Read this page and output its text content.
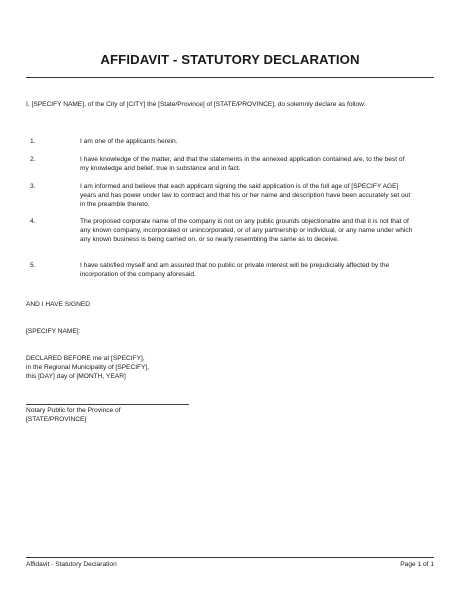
AFFIDAVIT - STATUTORY DECLARATION
I, [SPECIFY NAME], of the City of [CITY] the [State/Province] of [STATE/PROVINCE], do solemnly declare as follow:
1.	I am one of the applicants herein.
2.	I have knowledge of the matter, and that the statements in the annexed application contained are, to the best of my knowledge and belief, true in substance and in fact.
3.	I am informed and believe that each applicant signing the said application is of the full age of [SPECIFY AGE] years and has power under law to contract and that his or her name and description have been accurately set out in the preamble thereto.
4.	The proposed corporate name of the company is not on any public grounds objectionable and that it is not that of any known company, incorporated or unincorporated, or of any partnership or individual, or any name under which any known business is being carried on, or so nearly resembling the same as to deceive.
5.	I have satisfied myself and am assured that no public or private interest will be prejudicially affected by the incorporation of the company aforesaid.
AND I HAVE SIGNED
[SPECIFY NAME]:
DECLARED BEFORE me at [SPECIFY],
in the Regional Municipality of [SPECIFY],
this [DAY] day of [MONTH, YEAR]
Notary Public for the Province of
[STATE/PROVINCE]
Affidavit - Statutory Declaration	Page 1 of 1
